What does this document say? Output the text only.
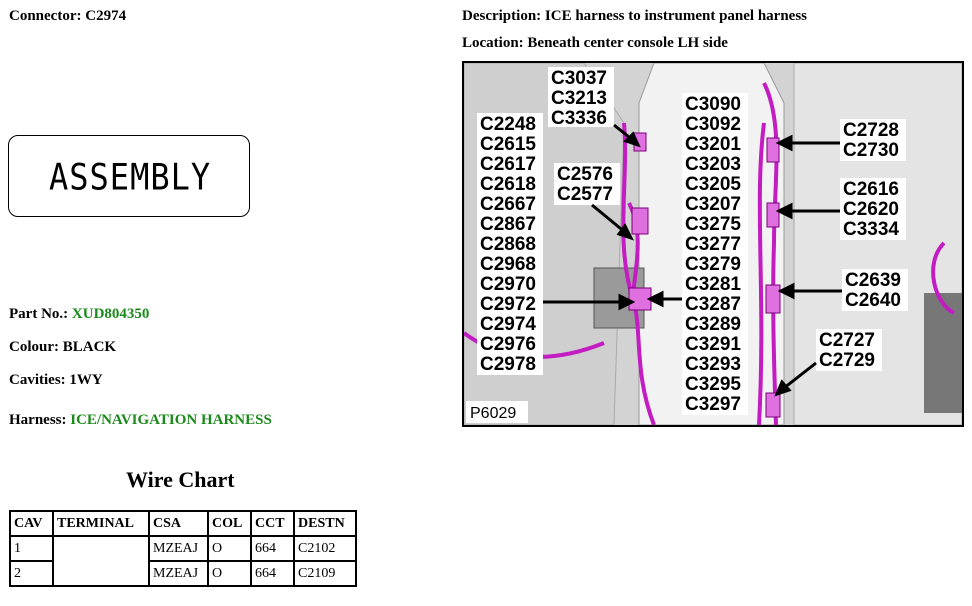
Connector: C2974	Description: ICE harness to instrument panel harness
Location: Beneath center console LH side
ASSEMBLY
Part No.: XUD804350
Colour: BLACK
Cavities: 1WY
Harness: ICE/NAVIGATION HARNESS
Wire Chart
CAV	TERMINAL	CSA	COL	CCT	DESTN
1		MZEAJ	O	664	C2102
2		MZEAJ	O	664	C2109
C3037
C3213
C3336
C2248
C2615
C2617
C2618
C2667
C2867
C2868
C2968
C2970
C2972
C2974
C2976
C2978
C2576
C2577
C3090
C3092
C3201
C3203
C3205
C3207
C3275
C3277
C3279
C3281
C3287
C3289
C3291
C3293
C3295
C3297
C2728
C2730
C2616
C2620
C3334
C2639
C2640
C2727
C2729
P6029
